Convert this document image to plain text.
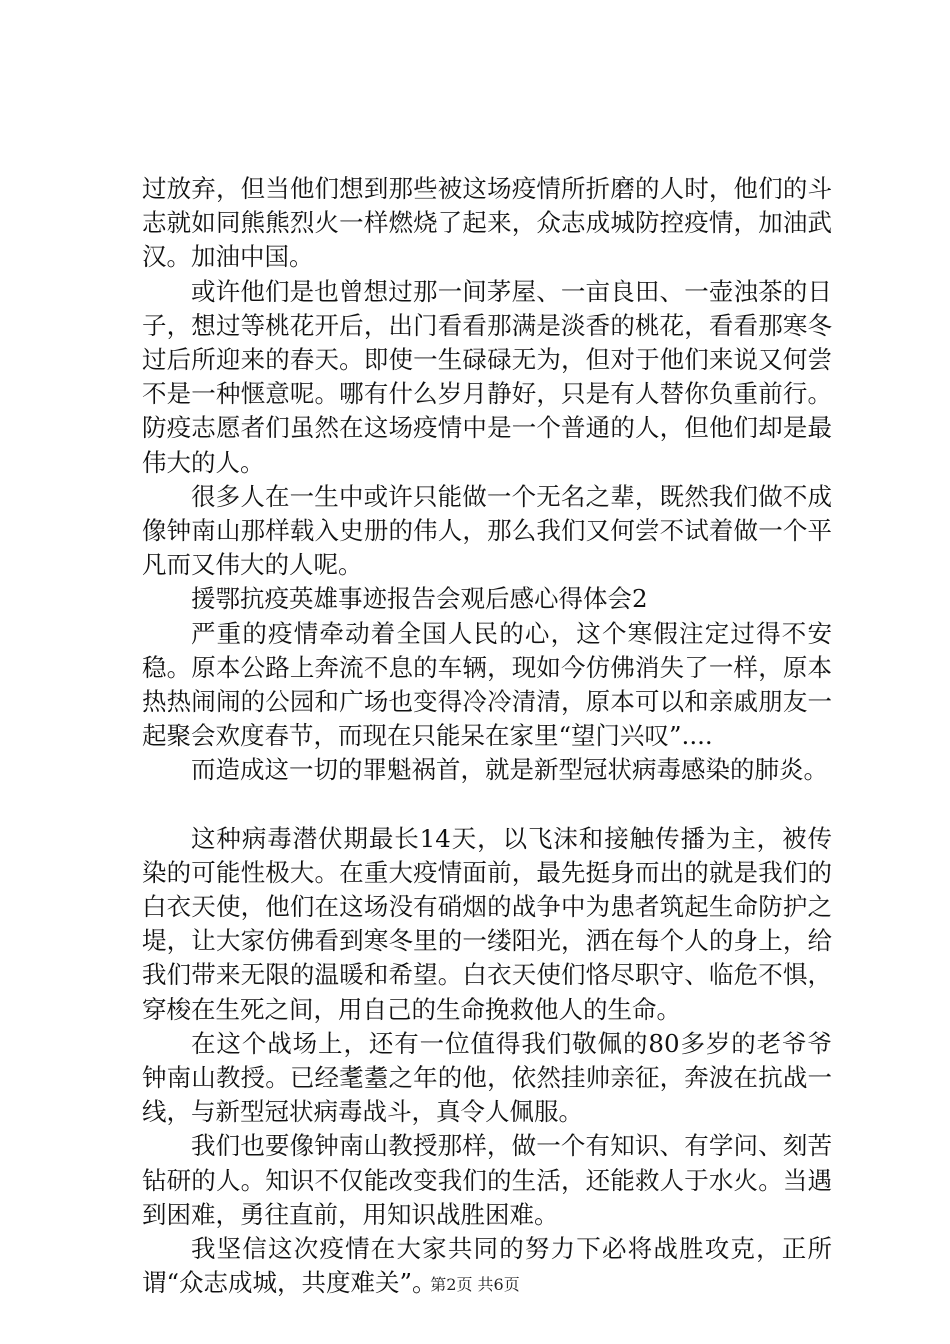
过放弃，但当他们想到那些被这场疫情所折磨的人时，他们的斗志就如同熊熊烈火一样燃烧了起来，众志成城防控疫情，加油武汉。加油中国。

或许他们是也曾想过那一间茅屋、一亩良田、一壶浊茶的日子，想过等桃花开后，出门看看那满是淡香的桃花，看看那寒冬过后所迎来的春天。即使一生碌碌无为，但对于他们来说又何尝不是一种惬意呢。哪有什么岁月静好，只是有人替你负重前行。防疫志愿者们虽然在这场疫情中是一个普通的人，但他们却是最伟大的人。

很多人在一生中或许只能做一个无名之辈，既然我们做不成像钟南山那样载入史册的伟人，那么我们又何尝不试着做一个平凡而又伟大的人呢。

援鄂抗疫英雄事迹报告会观后感心得体会2

严重的疫情牵动着全国人民的心，这个寒假注定过得不安稳。原本公路上奔流不息的车辆，现如今仿佛消失了一样，原本热热闹闹的公园和广场也变得冷冷清清，原本可以和亲戚朋友一起聚会欢度春节，而现在只能呆在家里“望门兴叹”....

而造成这一切的罪魁祸首，就是新型冠状病毒感染的肺炎。

这种病毒潜伏期最长14天，以飞沫和接触传播为主，被传染的可能性极大。在重大疫情面前，最先挺身而出的就是我们的白衣天使，他们在这场没有硝烟的战争中为患者筑起生命防护之堤，让大家仿佛看到寒冬里的一缕阳光，洒在每个人的身上，给我们带来无限的温暖和希望。白衣天使们恪尽职守、临危不惧，穿梭在生死之间，用自己的生命挽救他人的生命。

在这个战场上，还有一位值得我们敬佩的80多岁的老爷爷钟南山教授。已经耄耋之年的他，依然挂帅亲征，奔波在抗战一线，与新型冠状病毒战斗，真令人佩服。

我们也要像钟南山教授那样，做一个有知识、有学问、刻苦钻研的人。知识不仅能改变我们的生活，还能救人于水火。当遇到困难，勇往直前，用知识战胜困难。

我坚信这次疫情在大家共同的努力下必将战胜攻克，正所谓“众志成城，共度难关”。

第2页 共6页
